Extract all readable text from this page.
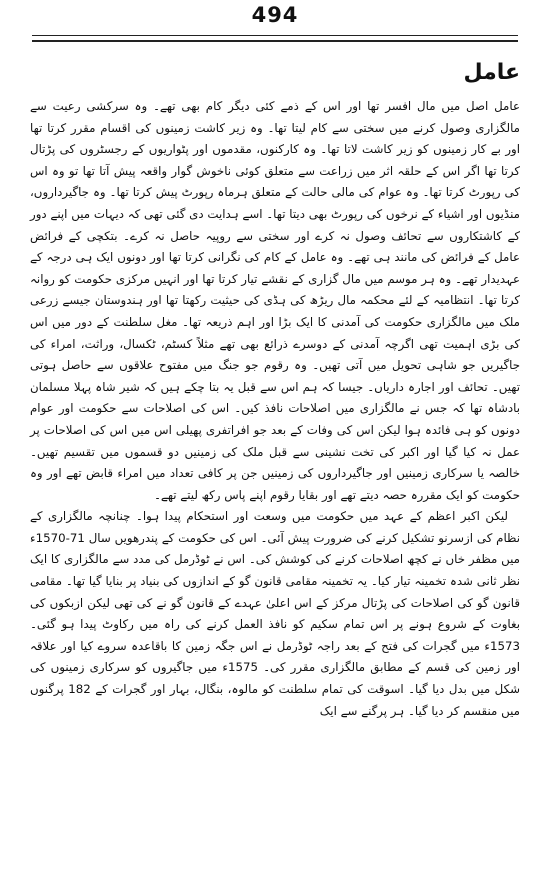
494
عامل

عامل اصل میں مال افسر تھا اور اس کے ذمے کئی دیگر کام بھی تھے۔ وہ سرکشی رعیت سے مالگزاری وصول کرنے میں سختی سے کام لیتا تھا۔ وہ زیر کاشت زمینوں کی اقسام مقرر کرتا تھا اور بے کار زمینوں کو زیر کاشت لاتا تھا۔ وہ کارکنوں، مقدموں اور پٹواریوں کے رجسٹروں کی پڑتال کرتا تھا اگر اس کے حلقہ اثر میں زراعت سے متعلق کوئی ناخوش گوار واقعہ پیش آتا تھا تو وہ اس کی رپورٹ کرتا تھا۔ وہ عوام کی مالی حالت کے متعلق ہرماہ رپورٹ پیش کرتا تھا۔ وہ جاگیرداروں، منڈیوں اور اشیاء کے نرخوں کی رپورٹ بھی دیتا تھا۔ اسے ہدایت دی گئی تھی کہ دیہات میں اپنے دور کے کاشتکاروں سے تحائف وصول نہ کرے اور سختی سے روپیہ حاصل نہ کرے۔ بتکچی کے فرائض عامل کے فرائض کی مانند ہی تھے۔ وہ عامل کے کام کی نگرانی کرتا تھا اور دونوں ایک ہی درجہ کے عہدیدار تھے۔ وہ ہر موسم میں مال گزاری کے نقشے تیار کرتا تھا اور انہیں مرکزی حکومت کو روانہ کرتا تھا۔ انتظامیہ کے لئے محکمہ مال ریڑھ کی ہڈی کی حیثیت رکھتا تھا اور ہندوستان جیسے زرعی ملک میں مالگزاری حکومت کی آمدنی کا ایک بڑا اور اہم ذریعہ تھا۔ مغل سلطنت کے دور میں اس کی بڑی اہمیت تھی اگرچہ آمدنی کے دوسرے ذرائع بھی تھے مثلاً کسٹم، ٹکسال، وراثت، امراء کی جاگیریں جو شاہی تحویل میں آتی تھیں۔ وہ رقوم جو جنگ میں مفتوح علاقوں سے حاصل ہوتی تھیں۔ تحائف اور اجارہ داریاں۔ جیسا کہ ہم اس سے قبل یہ بتا چکے ہیں کہ شیر شاہ پہلا مسلمان بادشاہ تھا کہ جس نے مالگزاری میں اصلاحات نافذ کیں۔ اس کی اصلاحات سے حکومت اور عوام دونوں کو ہی فائدہ ہوا لیکن اس کی وفات کے بعد جو افراتفری پھیلی اس میں اس کی اصلاحات پر عمل نہ کیا گیا اور اکبر کی تخت نشینی سے قبل ملک کی زمینیں دو قسموں میں تقسیم تھیں۔ خالصہ یا سرکاری زمینیں اور جاگیرداروں کی زمینیں جن پر کافی تعداد میں امراء قابض تھے اور وہ حکومت کو ایک مقررہ حصہ دیتے تھے اور بقایا رقوم اپنے پاس رکھ لیتے تھے۔

لیکن اکبر اعظم کے عہد میں حکومت میں وسعت اور استحکام پیدا ہوا۔ چنانچہ مالگزاری کے نظام کی ازسرنو تشکیل کرنے کی ضرورت پیش آئی۔ اس کی حکومت کے پندرھویں سال 71-1570ء میں مظفر خاں نے کچھ اصلاحات کرنے کی کوشش کی۔ اس نے ٹوڈرمل کی مدد سے مالگزاری کا ایک نظر ثانی شدہ تخمینہ تیار کیا۔ یہ تخمینہ مقامی قانون گو کے اندازوں کی بنیاد پر بنایا گیا تھا۔ مقامی قانون گو کی اصلاحات کی پڑتال مرکز کے اس اعلیٰ عہدے کے قانون گو نے کی تھی لیکن ازبکوں کی بغاوت کے شروع ہونے پر اس تمام سکیم کو نافذ العمل کرنے کی راہ میں رکاوٹ پیدا ہو گئی۔ 1573ء میں گجرات کی فتح کے بعد راجہ ٹوڈرمل نے اس جگہ زمین کا باقاعدہ سروے کیا اور علاقہ اور زمین کی قسم کے مطابق مالگزاری مقرر کی۔ 1575ء میں جاگیروں کو سرکاری زمینوں کی شکل میں بدل دیا گیا۔ اسوقت کی تمام سلطنت کو مالوہ، بنگال، بہار اور گجرات کے 182 پرگنوں میں منقسم کر دیا گیا۔ ہر پرگنے سے ایک
